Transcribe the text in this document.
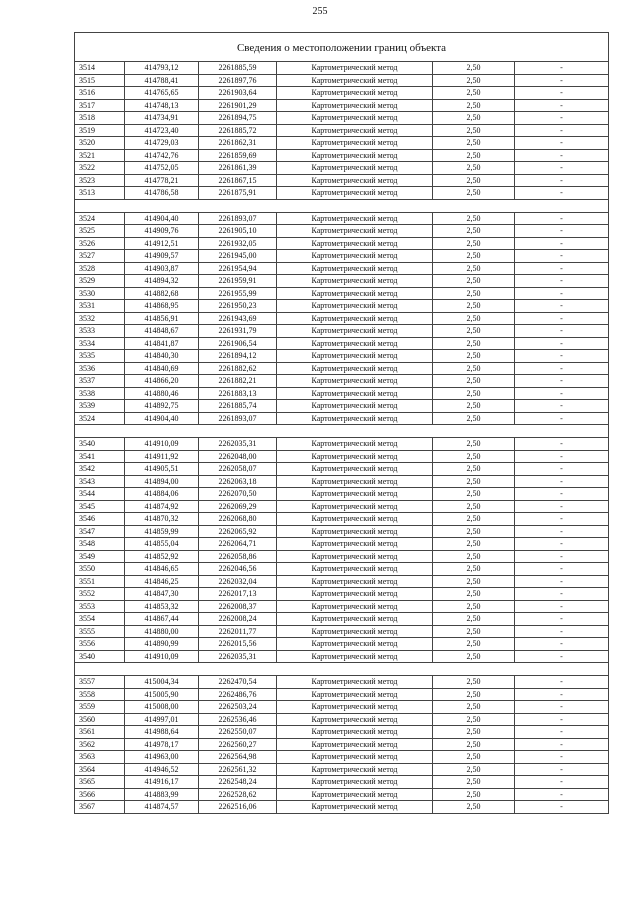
255
Сведения о местоположении границ объекта					
3514	414793,12	2261885,59	Картометрический метод	2,50	-
3515	414788,41	2261897,76	Картометрический метод	2,50	-
3516	414765,65	2261903,64	Картометрический метод	2,50	-
3517	414748,13	2261901,29	Картометрический метод	2,50	-
3518	414734,91	2261894,75	Картометрический метод	2,50	-
3519	414723,40	2261885,72	Картометрический метод	2,50	-
3520	414729,03	2261862,31	Картометрический метод	2,50	-
3521	414742,76	2261859,69	Картометрический метод	2,50	-
3522	414752,05	2261861,39	Картометрический метод	2,50	-
3523	414778,21	2261867,15	Картометрический метод	2,50	-
3513	414786,58	2261875,91	Картометрический метод	2,50	-

3524	414904,40	2261893,07	Картометрический метод	2,50	-
3525	414909,76	2261905,10	Картометрический метод	2,50	-
3526	414912,51	2261932,05	Картометрический метод	2,50	-
3527	414909,57	2261945,00	Картометрический метод	2,50	-
3528	414903,87	2261954,94	Картометрический метод	2,50	-
3529	414894,32	2261959,91	Картометрический метод	2,50	-
3530	414882,68	2261955,99	Картометрический метод	2,50	-
3531	414868,95	2261950,23	Картометрический метод	2,50	-
3532	414856,91	2261943,69	Картометрический метод	2,50	-
3533	414848,67	2261931,79	Картометрический метод	2,50	-
3534	414841,87	2261906,54	Картометрический метод	2,50	-
3535	414840,30	2261894,12	Картометрический метод	2,50	-
3536	414840,69	2261882,62	Картометрический метод	2,50	-
3537	414866,20	2261882,21	Картометрический метод	2,50	-
3538	414880,46	2261883,13	Картометрический метод	2,50	-
3539	414892,75	2261885,74	Картометрический метод	2,50	-
3524	414904,40	2261893,07	Картометрический метод	2,50	-

3540	414910,09	2262035,31	Картометрический метод	2,50	-
3541	414911,92	2262048,00	Картометрический метод	2,50	-
3542	414905,51	2262058,07	Картометрический метод	2,50	-
3543	414894,00	2262063,18	Картометрический метод	2,50	-
3544	414884,06	2262070,50	Картометрический метод	2,50	-
3545	414874,92	2262069,29	Картометрический метод	2,50	-
3546	414870,32	2262068,80	Картометрический метод	2,50	-
3547	414859,99	2262065,92	Картометрический метод	2,50	-
3548	414855,04	2262064,71	Картометрический метод	2,50	-
3549	414852,92	2262058,86	Картометрический метод	2,50	-
3550	414846,65	2262046,56	Картометрический метод	2,50	-
3551	414846,25	2262032,04	Картометрический метод	2,50	-
3552	414847,30	2262017,13	Картометрический метод	2,50	-
3553	414853,32	2262008,37	Картометрический метод	2,50	-
3554	414867,44	2262008,24	Картометрический метод	2,50	-
3555	414880,00	2262011,77	Картометрический метод	2,50	-
3556	414890,99	2262015,56	Картометрический метод	2,50	-
3540	414910,09	2262035,31	Картометрический метод	2,50	-

3557	415004,34	2262470,54	Картометрический метод	2,50	-
3558	415005,90	2262486,76	Картометрический метод	2,50	-
3559	415008,00	2262503,24	Картометрический метод	2,50	-
3560	414997,01	2262536,46	Картометрический метод	2,50	-
3561	414988,64	2262550,07	Картометрический метод	2,50	-
3562	414978,17	2262560,27	Картометрический метод	2,50	-
3563	414963,00	2262564,98	Картометрический метод	2,50	-
3564	414946,52	2262561,32	Картометрический метод	2,50	-
3565	414916,17	2262548,24	Картометрический метод	2,50	-
3566	414883,99	2262528,62	Картометрический метод	2,50	-
3567	414874,57	2262516,06	Картометрический метод	2,50	-
